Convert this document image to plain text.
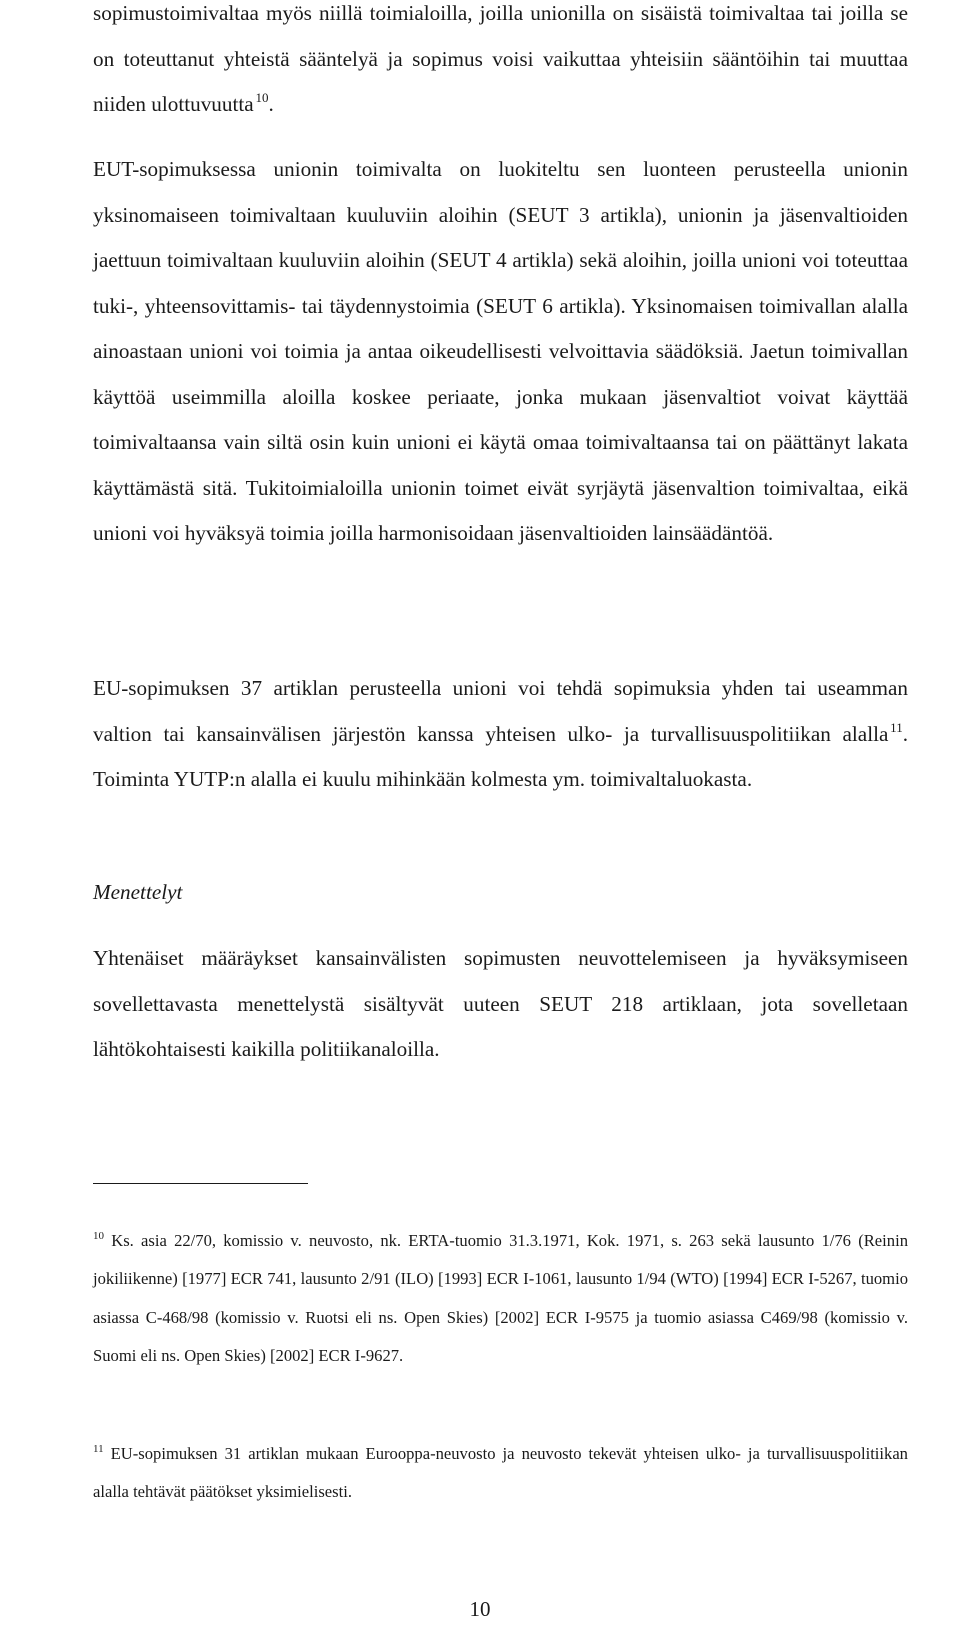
sopimustoimivaltaa myös niillä toimialoilla, joilla unionilla on sisäistä toimivaltaa tai joilla se on toteuttanut yhteistä sääntelyä ja sopimus voisi vaikuttaa yhteisiin sääntöihin tai muuttaa niiden ulottuvuutta  $^{10}$.

EUT-sopimuksessa unionin toimivalta on luokiteltu sen luonteen perusteella unionin yksinomaiseen toimivaltaan kuuluviin aloihin (SEUT 3 artikla), unionin ja jäsenvaltioiden jaettuun toimivaltaan kuuluviin aloihin (SEUT 4 artikla) sekä aloihin, joilla unioni voi toteuttaa tuki-, yhteensovittamis- tai täydennystoimia (SEUT 6 artikla). Yksinomaisen toimivallan alalla ainoastaan unioni voi toimia ja antaa oikeudellisesti velvoittavia säädöksiä. Jaetun toimivallan käyttöä useimmilla aloilla koskee periaate, jonka mukaan jäsenvaltiot voivat käyttää toimivaltaansa vain siltä osin kuin unioni ei käytä omaa toimivaltaansa tai on päättänyt lakata käyttämästä sitä. Tukitoimialoilla unionin toimet eivät syrjäytä jäsenvaltion toimivaltaa, eikä unioni voi hyväksyä toimia joilla harmonisoidaan jäsenvaltioiden lainsäädäntöä.

EU-sopimuksen 37 artiklan perusteella unioni voi tehdä sopimuksia yhden tai useamman valtion tai kansainvälisen järjestön kanssa yhteisen ulko- ja turvallisuuspolitiikan alalla  $^{11}$. Toiminta YUTP:n alalla ei kuulu mihinkään kolmesta ym. toimivaltaluokasta.

Menettelyt

Yhtenäiset määräykset kansainvälisten sopimusten neuvottelemiseen ja hyväksymiseen sovellettavasta menettelystä sisältyvät uuteen SEUT 218 artiklaan, jota sovelletaan lähtökohtaisesti kaikilla politiikanaloilla.

$^{10}$ Ks. asia 22/70, komissio v. neuvosto, nk. ERTA-tuomio 31.3.1971, Kok. 1971, s. 263 sekä lausunto 1/76 (Reinin jokiliikenne) [1977] ECR 741, lausunto 2/91 (ILO) [1993] ECR I-1061, lausunto 1/94 (WTO) [1994] ECR I-5267, tuomio asiassa C-468/98 (komissio v. Ruotsi eli ns. Open Skies) [2002] ECR I-9575 ja tuomio asiassa C469/98 (komissio v. Suomi eli ns. Open Skies) [2002] ECR I-9627.

$^{11}$ EU-sopimuksen 31 artiklan mukaan Eurooppa-neuvosto ja neuvosto tekevät yhteisen ulko- ja turvallisuuspolitiikan alalla tehtävät päätökset yksimielisesti.

10
